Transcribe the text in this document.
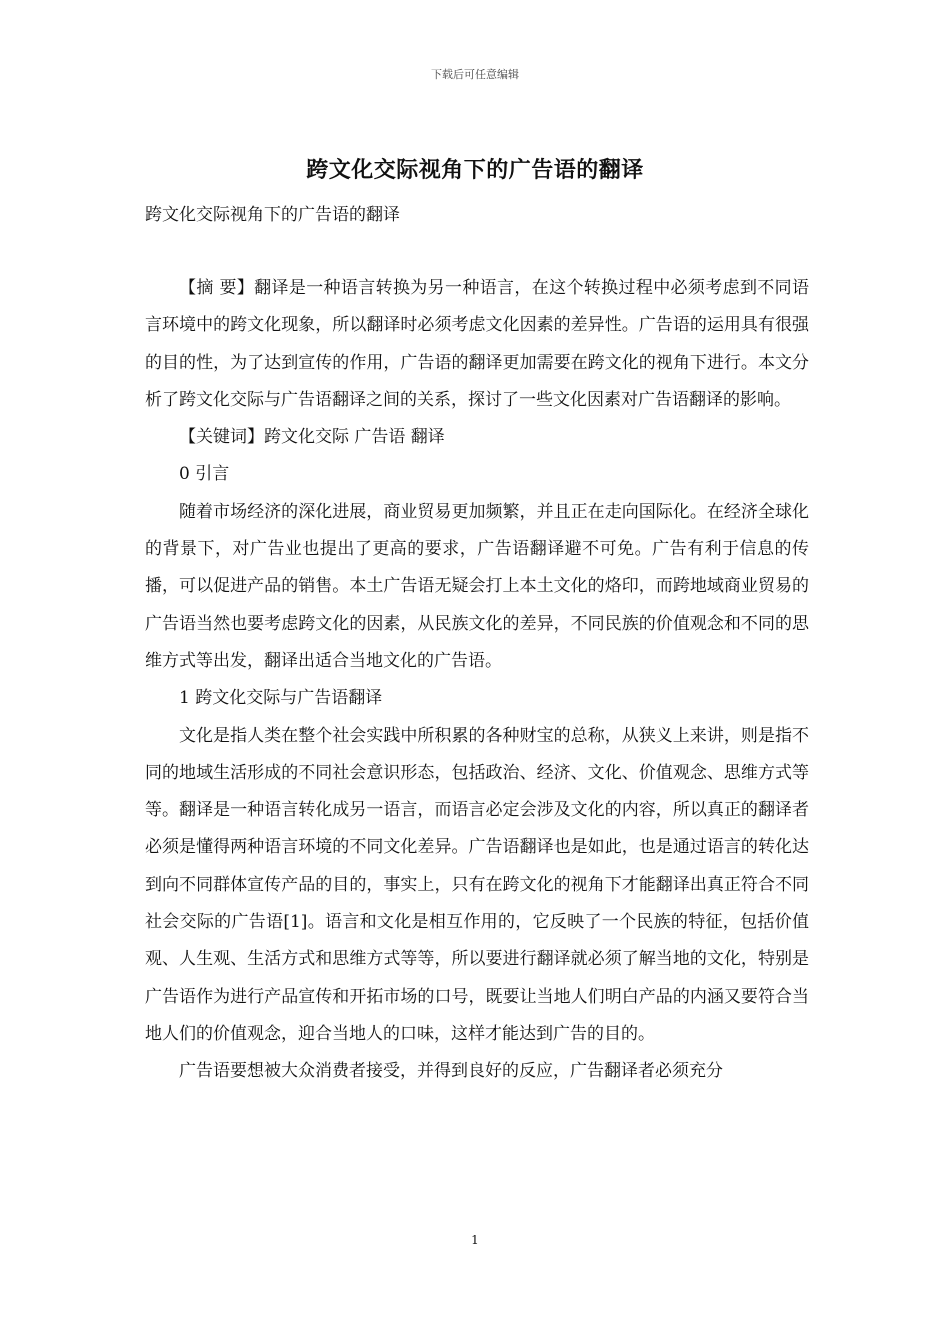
下载后可任意编辑
跨文化交际视角下的广告语的翻译
跨文化交际视角下的广告语的翻译

【摘 要】翻译是一种语言转换为另一种语言，在这个转换过程中必须考虑到不同语言环境中的跨文化现象，所以翻译时必须考虑文化因素的差异性。广告语的运用具有很强的目的性，为了达到宣传的作用，广告语的翻译更加需要在跨文化的视角下进行。本文分析了跨文化交际与广告语翻译之间的关系，探讨了一些文化因素对广告语翻译的影响。

【关键词】跨文化交际 广告语 翻译

0 引言

随着市场经济的深化进展，商业贸易更加频繁，并且正在走向国际化。在经济全球化的背景下，对广告业也提出了更高的要求，广告语翻译避不可免。广告有利于信息的传播，可以促进产品的销售。本土广告语无疑会打上本土文化的烙印，而跨地域商业贸易的广告语当然也要考虑跨文化的因素，从民族文化的差异，不同民族的价值观念和不同的思维方式等出发，翻译出适合当地文化的广告语。

1 跨文化交际与广告语翻译

文化是指人类在整个社会实践中所积累的各种财宝的总称，从狭义上来讲，则是指不同的地域生活形成的不同社会意识形态，包括政治、经济、文化、价值观念、思维方式等等。翻译是一种语言转化成另一语言，而语言必定会涉及文化的内容，所以真正的翻译者必须是懂得两种语言环境的不同文化差异。广告语翻译也是如此，也是通过语言的转化达到向不同群体宣传产品的目的，事实上，只有在跨文化的视角下才能翻译出真正符合不同社会交际的广告语[1]。语言和文化是相互作用的，它反映了一个民族的特征，包括价值观、人生观、生活方式和思维方式等等，所以要进行翻译就必须了解当地的文化，特别是广告语作为进行产品宣传和开拓市场的口号，既要让当地人们明白产品的内涵又要符合当地人们的价值观念，迎合当地人的口味，这样才能达到广告的目的。

广告语要想被大众消费者接受，并得到良好的反应，广告翻译者必须充分

1
